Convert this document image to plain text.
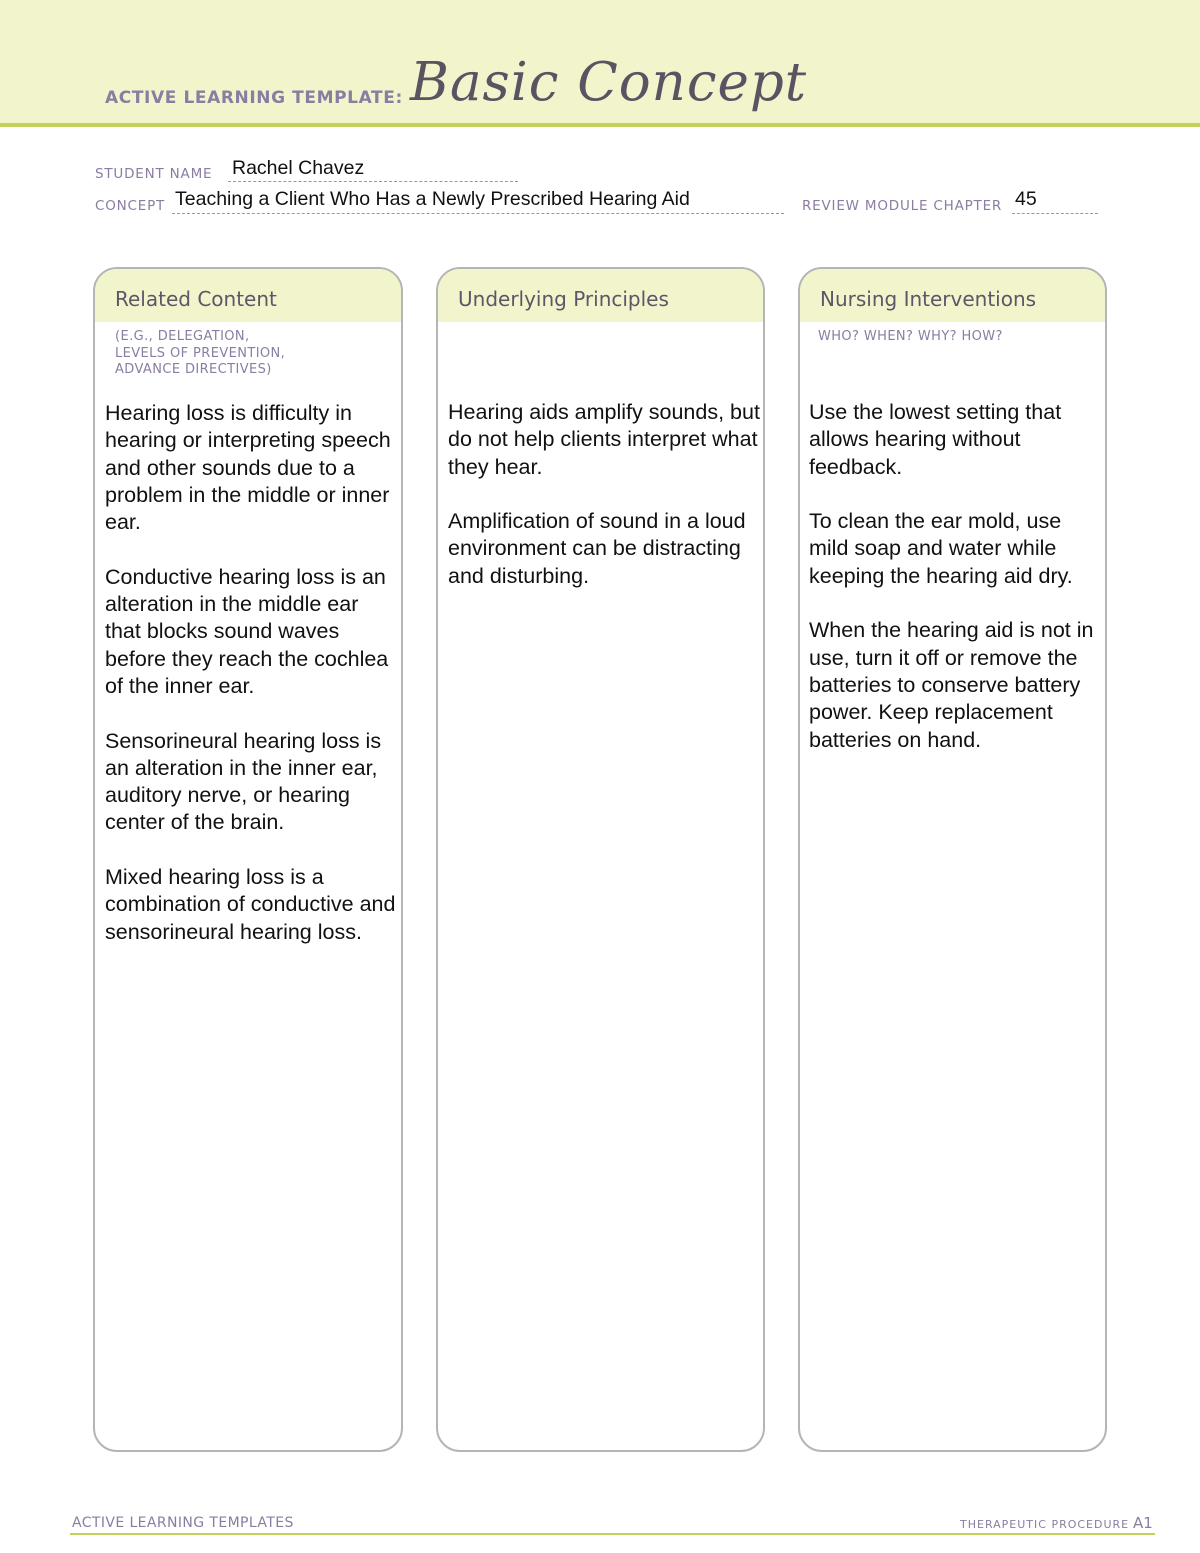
ACTIVE LEARNING TEMPLATE: Basic Concept
STUDENT NAME Rachel Chavez
CONCEPT Teaching a Client Who Has a Newly Prescribed Hearing Aid	REVIEW MODULE CHAPTER 45
Related Content
(E.G., DELEGATION,
LEVELS OF PREVENTION,
ADVANCE DIRECTIVES)

Hearing loss is difficulty in hearing or interpreting speech and other sounds due to a problem in the middle or inner ear.

Conductive hearing loss is an alteration in the middle ear that blocks sound waves before they reach the cochlea of the inner ear.

Sensorineural hearing loss is an alteration in the inner ear, auditory nerve, or hearing center of the brain.

Mixed hearing loss is a combination of conductive and sensorineural hearing loss.

Underlying Principles

Hearing aids amplify sounds, but do not help clients interpret what they hear.

Amplification of sound in a loud environment can be distracting and disturbing.

Nursing Interventions
WHO? WHEN? WHY? HOW?

Use the lowest setting that allows hearing without feedback.

To clean the ear mold, use mild soap and water while keeping the hearing aid dry.

When the hearing aid is not in use, turn it off or remove the batteries to conserve battery power. Keep replacement batteries on hand.

ACTIVE LEARNING TEMPLATES	THERAPEUTIC PROCEDURE A1
